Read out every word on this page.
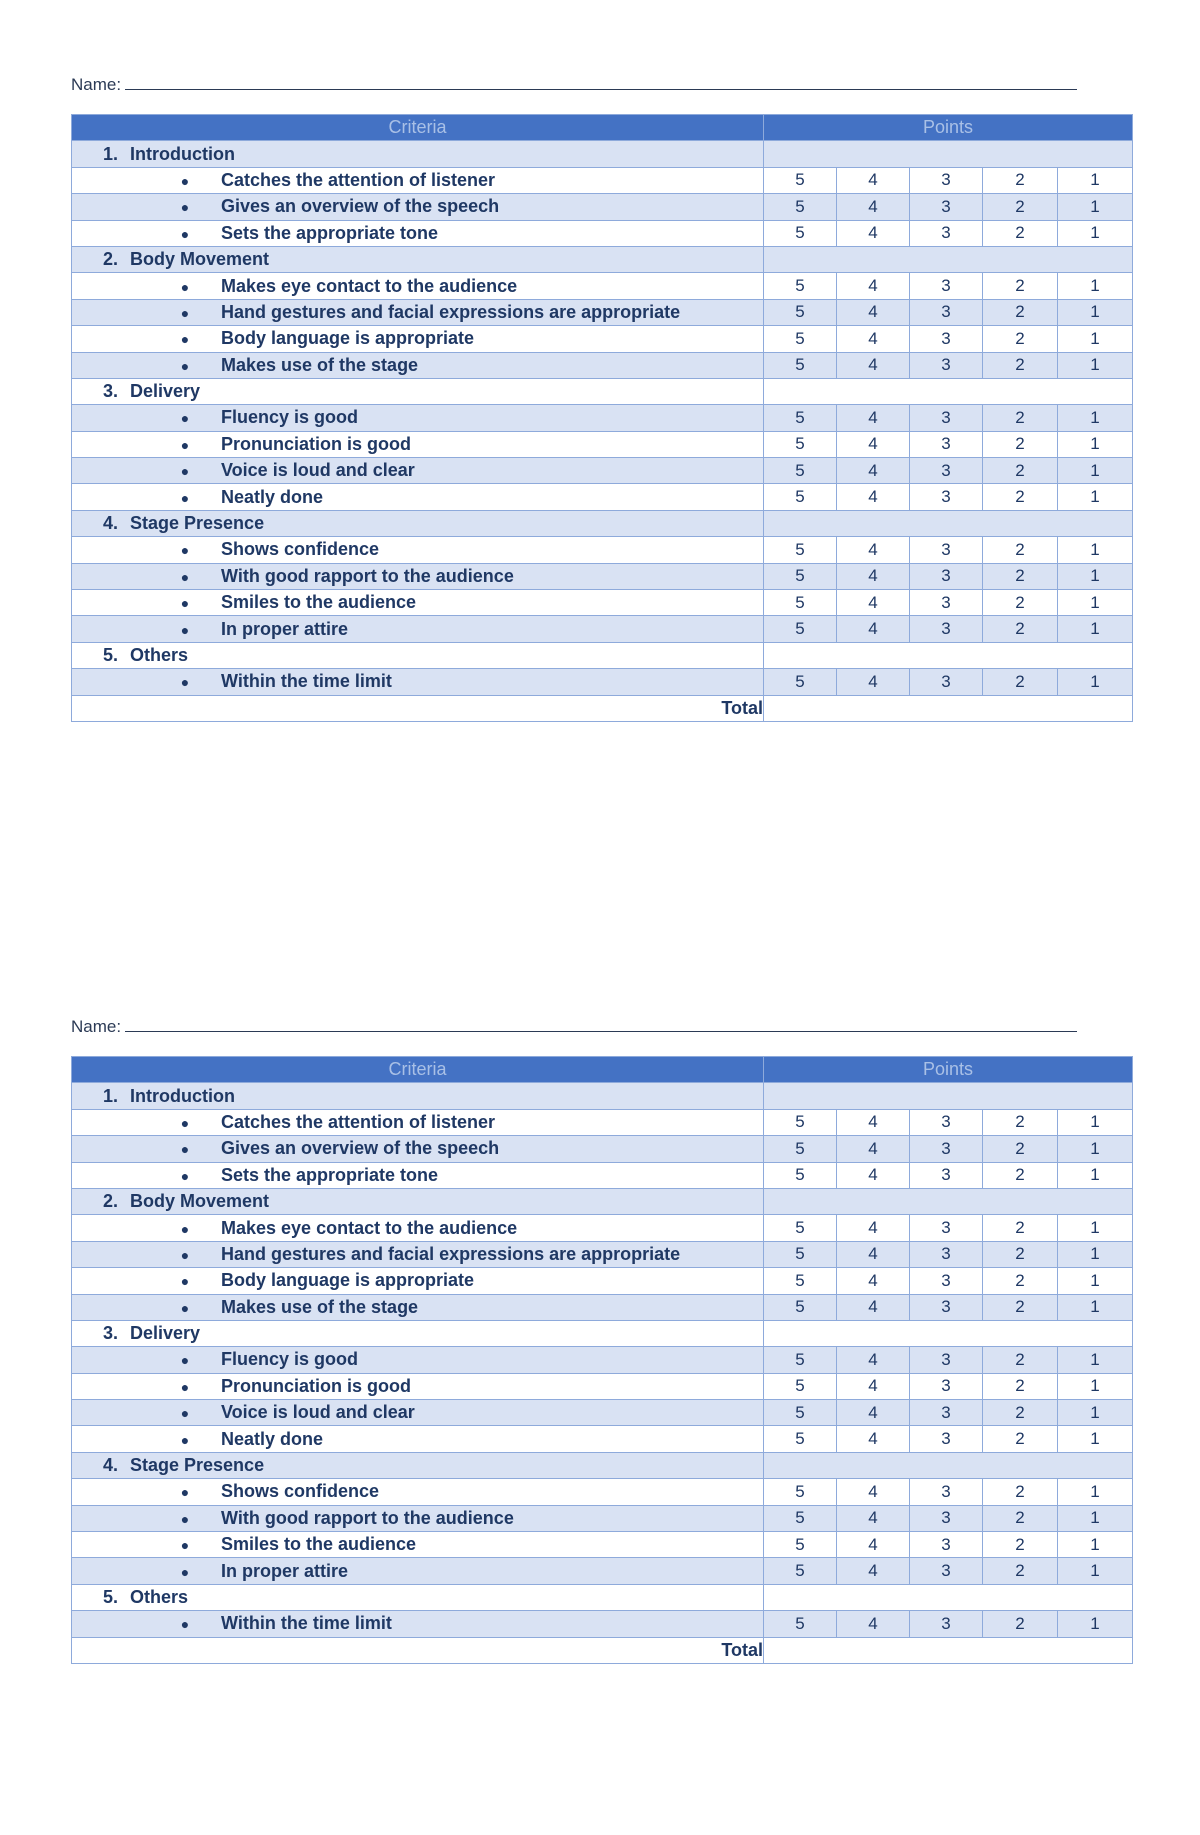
Name:
Criteria	Points				
1. Introduction					
● Catches the attention of listener	5	4	3	2	1
● Gives an overview of the speech	5	4	3	2	1
● Sets the appropriate tone	5	4	3	2	1
2. Body Movement					
● Makes eye contact to the audience	5	4	3	2	1
● Hand gestures and facial expressions are appropriate	5	4	3	2	1
● Body language is appropriate	5	4	3	2	1
● Makes use of the stage	5	4	3	2	1
3. Delivery					
● Fluency is good	5	4	3	2	1
● Pronunciation is good	5	4	3	2	1
● Voice is loud and clear	5	4	3	2	1
● Neatly done	5	4	3	2	1
4. Stage Presence					
● Shows confidence	5	4	3	2	1
● With good rapport to the audience	5	4	3	2	1
● Smiles to the audience	5	4	3	2	1
● In proper attire	5	4	3	2	1
5. Others					
● Within the time limit	5	4	3	2	1
Total					
Name:
Criteria	Points				
1. Introduction					
● Catches the attention of listener	5	4	3	2	1
● Gives an overview of the speech	5	4	3	2	1
● Sets the appropriate tone	5	4	3	2	1
2. Body Movement					
● Makes eye contact to the audience	5	4	3	2	1
● Hand gestures and facial expressions are appropriate	5	4	3	2	1
● Body language is appropriate	5	4	3	2	1
● Makes use of the stage	5	4	3	2	1
3. Delivery					
● Fluency is good	5	4	3	2	1
● Pronunciation is good	5	4	3	2	1
● Voice is loud and clear	5	4	3	2	1
● Neatly done	5	4	3	2	1
4. Stage Presence					
● Shows confidence	5	4	3	2	1
● With good rapport to the audience	5	4	3	2	1
● Smiles to the audience	5	4	3	2	1
● In proper attire	5	4	3	2	1
5. Others					
● Within the time limit	5	4	3	2	1
Total					
